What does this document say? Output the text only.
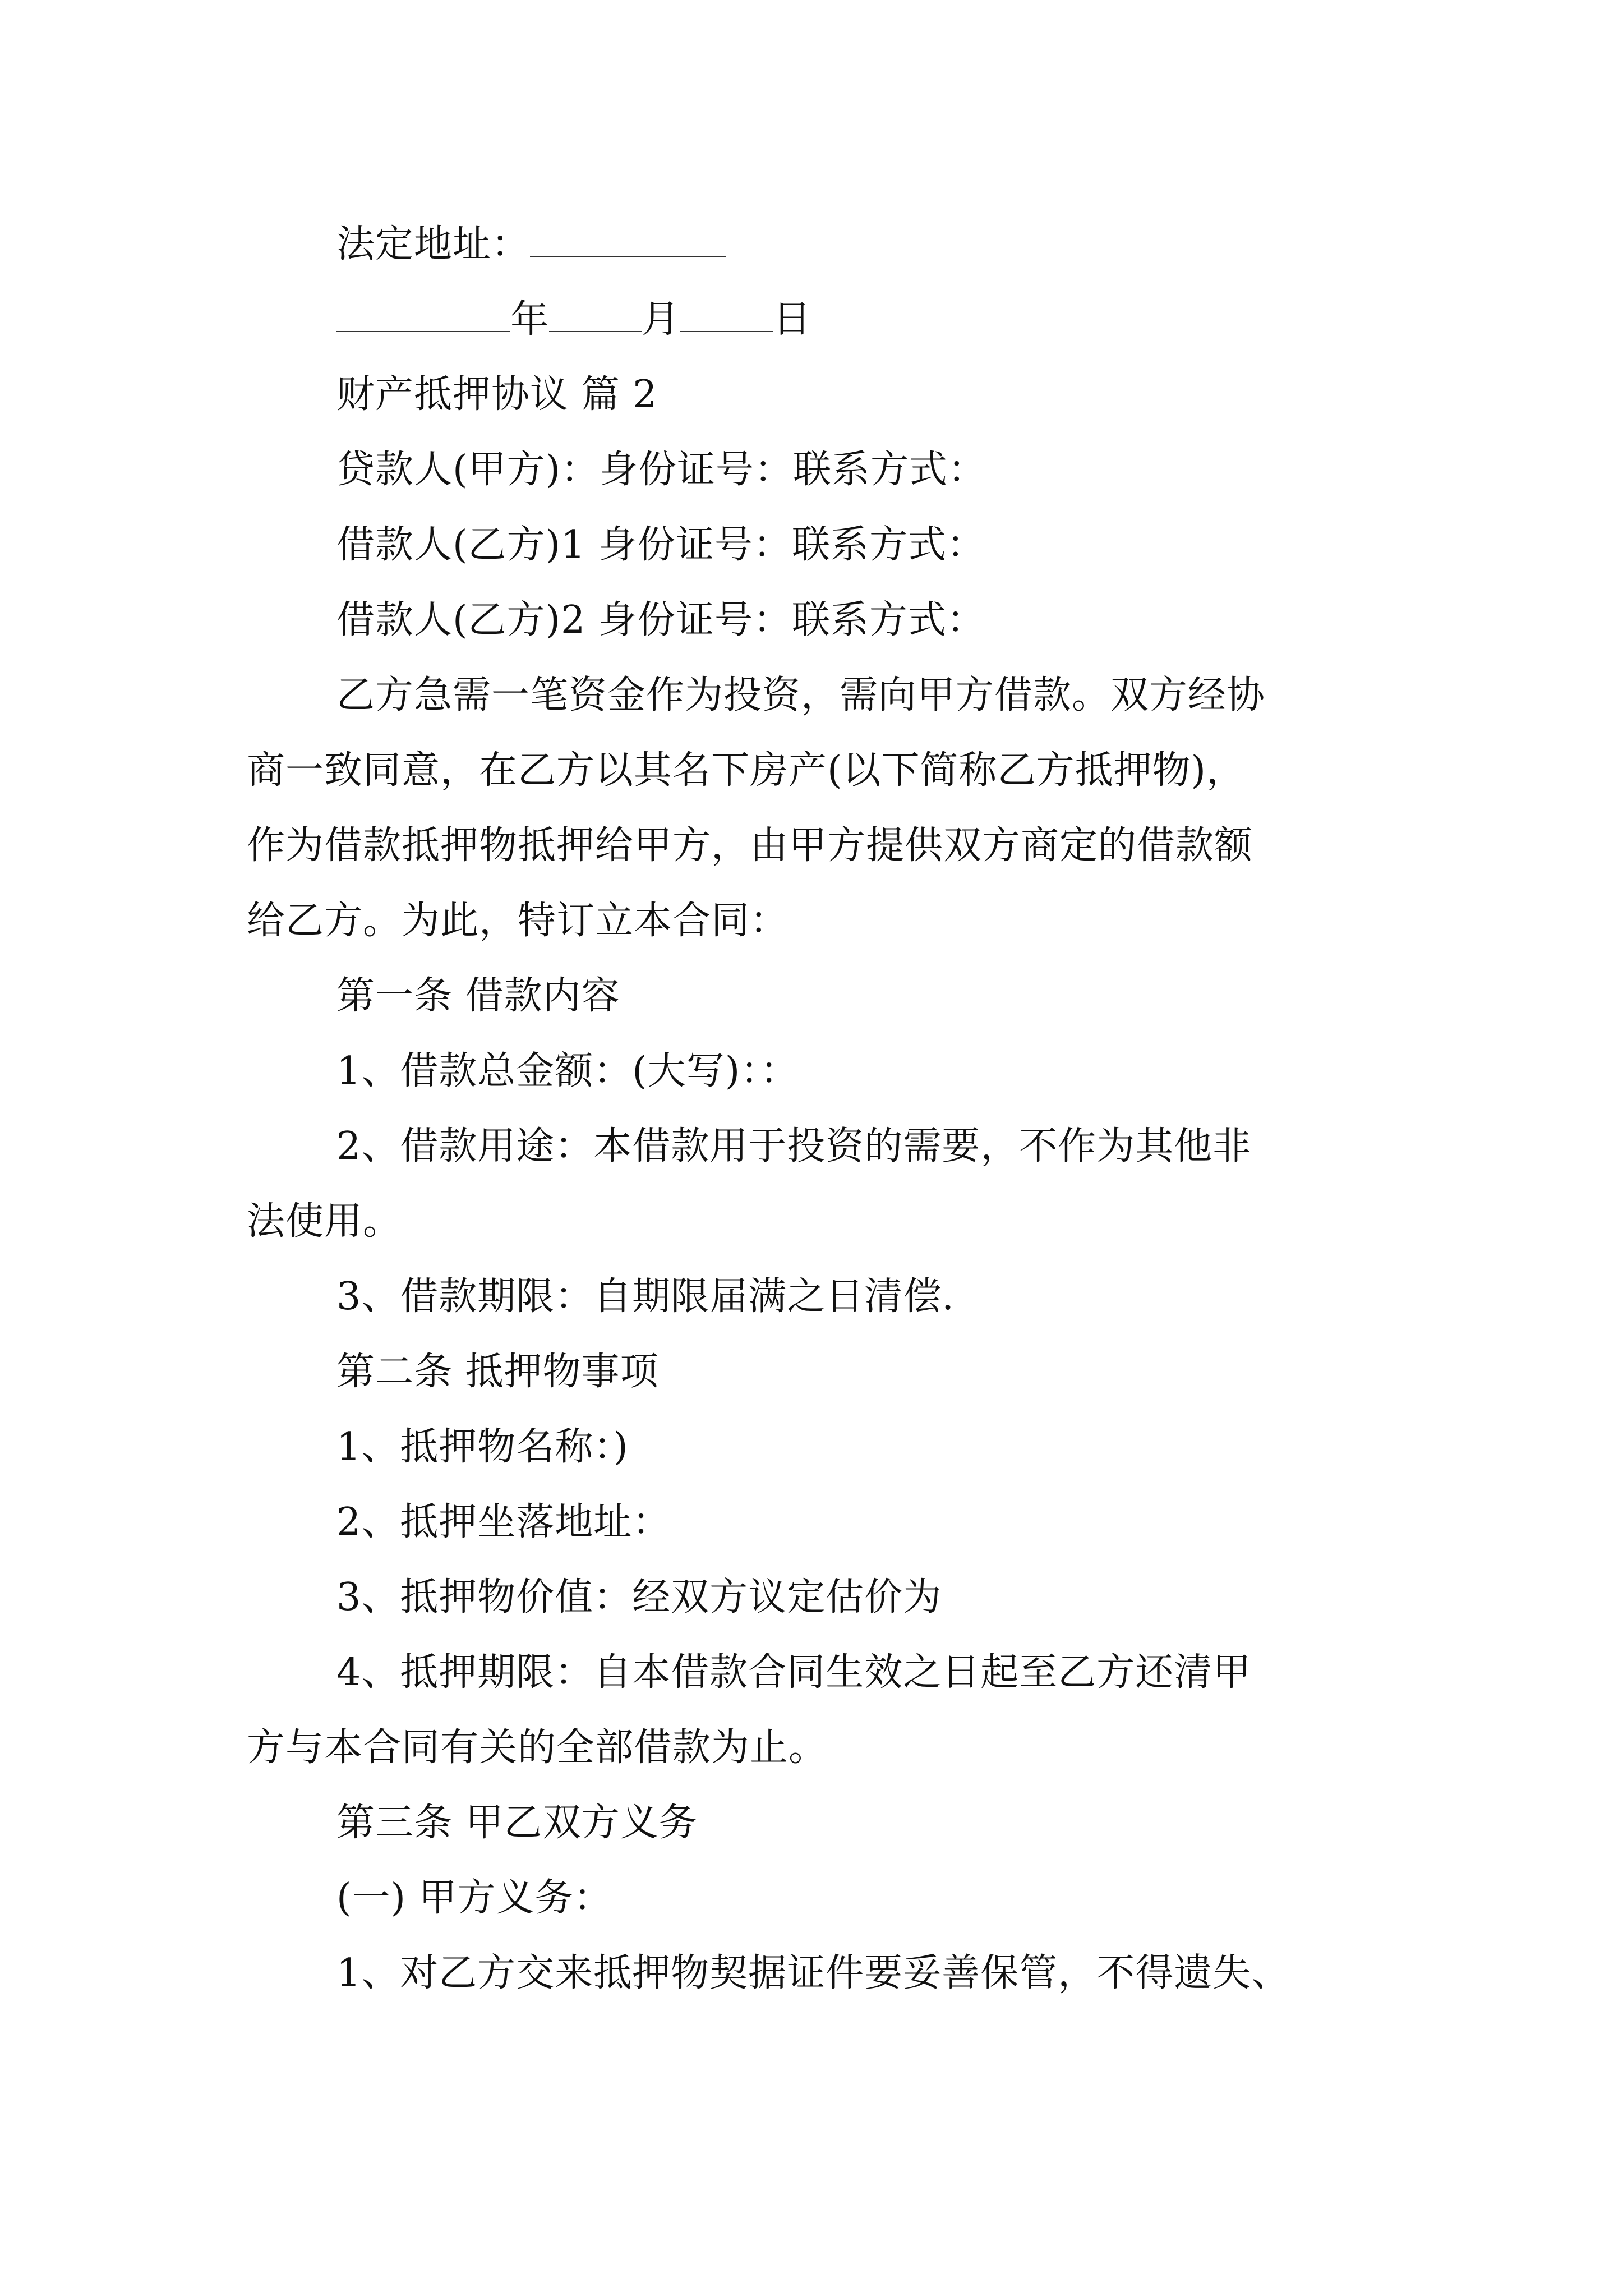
法定地址：
年 月 日
财产抵押协议 篇 2
贷款人(甲方)：身份证号：联系方式：
借款人(乙方)1 身份证号：联系方式：
借款人(乙方)2 身份证号：联系方式：
乙方急需一笔资金作为投资，需向甲方借款。双方经协
商一致同意，在乙方以其名下房产(以下简称乙方抵押物)，
作为借款抵押物抵押给甲方，由甲方提供双方商定的借款额
给乙方。为此，特订立本合同：
第一条 借款内容
1、借款总金额：(大写)：：
2、借款用途：本借款用于投资的需要，不作为其他非
法使用。
3、借款期限：自期限届满之日清偿.
第二条 抵押物事项
1、抵押物名称：)
2、抵押坐落地址：
3、抵押物价值：经双方议定估价为
4、抵押期限：自本借款合同生效之日起至乙方还清甲
方与本合同有关的全部借款为止。
第三条 甲乙双方义务
(一) 甲方义务：
1、对乙方交来抵押物契据证件要妥善保管，不得遗失、
